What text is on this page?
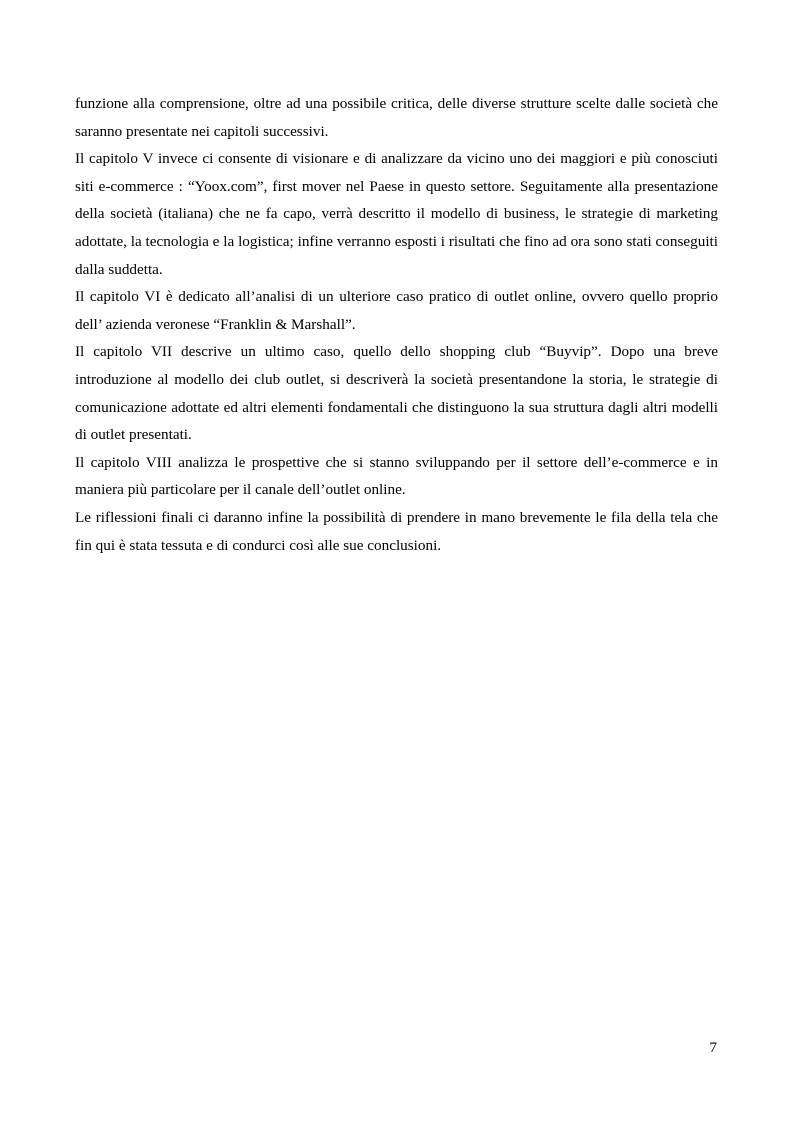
funzione alla comprensione, oltre ad una possibile critica, delle diverse strutture scelte dalle società che saranno presentate nei capitoli successivi.

Il capitolo V invece ci consente di visionare e di analizzare da vicino uno dei maggiori e più conosciuti siti e-commerce : “Yoox.com”, first mover nel Paese in questo settore. Seguitamente alla presentazione della società (italiana) che ne fa capo, verrà descritto il modello di business, le strategie di marketing adottate, la tecnologia e la logistica; infine verranno esposti i risultati che fino ad ora sono stati conseguiti dalla suddetta.

Il capitolo VI è dedicato all’analisi di un ulteriore caso pratico di outlet online, ovvero quello proprio dell’ azienda veronese “Franklin & Marshall”.

Il capitolo VII descrive un ultimo caso, quello dello shopping club “Buyvip”. Dopo una breve introduzione al modello dei club outlet, si descriverà la società presentandone la storia, le strategie di comunicazione adottate ed altri elementi fondamentali che distinguono la sua struttura dagli altri modelli di outlet presentati.

Il capitolo VIII analizza le prospettive che si stanno sviluppando per il settore dell’e-commerce e in maniera più particolare per il canale dell’outlet online.

Le riflessioni finali ci daranno infine la possibilità di prendere in mano brevemente le fila della tela che fin qui è stata tessuta e di condurci così alle sue conclusioni.

7
